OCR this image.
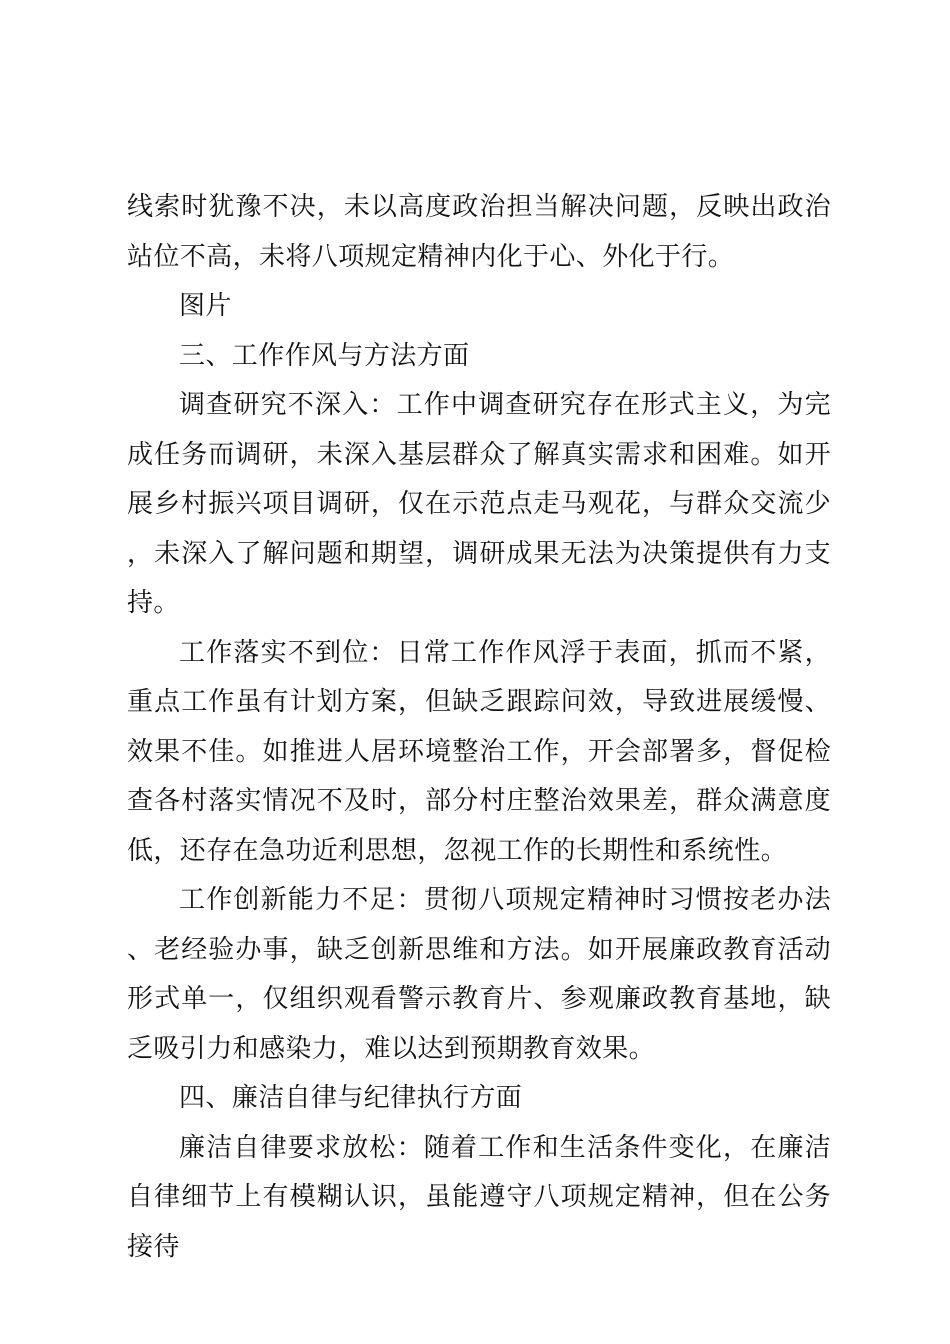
线索时犹豫不决，未以高度政治担当解决问题，反映出政治站位不高，未将八项规定精神内化于心、外化于行。

图片

三、工作作风与方法方面

调查研究不深入：工作中调查研究存在形式主义，为完成任务而调研，未深入基层群众了解真实需求和困难。如开展乡村振兴项目调研，仅在示范点走马观花，与群众交流少，未深入了解问题和期望，调研成果无法为决策提供有力支持。

工作落实不到位：日常工作作风浮于表面，抓而不紧，重点工作虽有计划方案，但缺乏跟踪问效，导致进展缓慢、效果不佳。如推进人居环境整治工作，开会部署多，督促检查各村落实情况不及时，部分村庄整治效果差，群众满意度低，还存在急功近利思想，忽视工作的长期性和系统性。

工作创新能力不足：贯彻八项规定精神时习惯按老办法、老经验办事，缺乏创新思维和方法。如开展廉政教育活动形式单一，仅组织观看警示教育片、参观廉政教育基地，缺乏吸引力和感染力，难以达到预期教育效果。

四、廉洁自律与纪律执行方面

廉洁自律要求放松：随着工作和生活条件变化，在廉洁自律细节上有模糊认识，虽能遵守八项规定精神，但在公务接待
